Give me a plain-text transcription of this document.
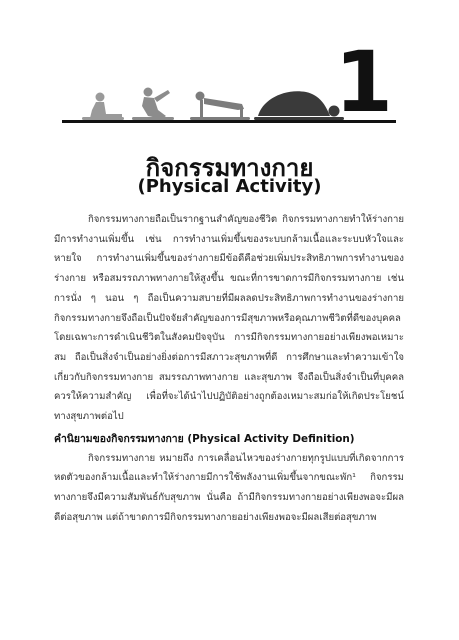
1
กิจกรรมทางกาย
(Physical Activity)

กิจกรรมทางกายถือเป็นรากฐานสำคัญของชีวิต กิจกรรมทางกายทำให้ร่างกายมีการทำงานเพิ่มขึ้น เช่น การทำงานเพิ่มขึ้นของระบบกล้ามเนื้อและระบบหัวใจและหายใจ การทำงานเพิ่มขึ้นของร่างกายมีข้อดีคือช่วยเพิ่มประสิทธิภาพการทำงานของร่างกาย หรือสมรรถภาพทางกายให้สูงขึ้น ขณะที่การขาดการมีกิจกรรมทางกาย เช่น การนั่ง ๆ นอน ๆ ถือเป็นความสบายที่มีผลลดประสิทธิภาพการทำงานของร่างกาย กิจกรรมทางกายจึงถือเป็นปัจจัยสำคัญของการมีสุขภาพหรือคุณภาพชีวิตที่ดีของบุคคล โดยเฉพาะการดำเนินชีวิตในสังคมปัจจุบัน การมีกิจกรรมทางกายอย่างเพียงพอเหมาะสม ถือเป็นสิ่งจำเป็นอย่างยิ่งต่อการมีสภาวะสุขภาพที่ดี การศึกษาและทำความเข้าใจเกี่ยวกับกิจกรรมทางกาย สมรรถภาพทางกาย และสุขภาพ จึงถือเป็นสิ่งจำเป็นที่บุคคลควรให้ความสำคัญ เพื่อที่จะได้นำไปปฏิบัติอย่างถูกต้องเหมาะสมก่อให้เกิดประโยชน์ทางสุขภาพต่อไป

คำนิยามของกิจกรรมทางกาย (Physical Activity Definition)

กิจกรรมทางกาย หมายถึง การเคลื่อนไหวของร่างกายทุกรูปแบบที่เกิดจากการหดตัวของกล้ามเนื้อและทำให้ร่างกายมีการใช้พลังงานเพิ่มขึ้นจากขณะพัก¹ กิจกรรมทางกายจึงมีความสัมพันธ์กับสุขภาพ นั่นคือ ถ้ามีกิจกรรมทางกายอย่างเพียงพอจะมีผลดีต่อสุขภาพ แต่ถ้าขาดการมีกิจกรรมทางกายอย่างเพียงพอจะมีผลเสียต่อสุขภาพ
